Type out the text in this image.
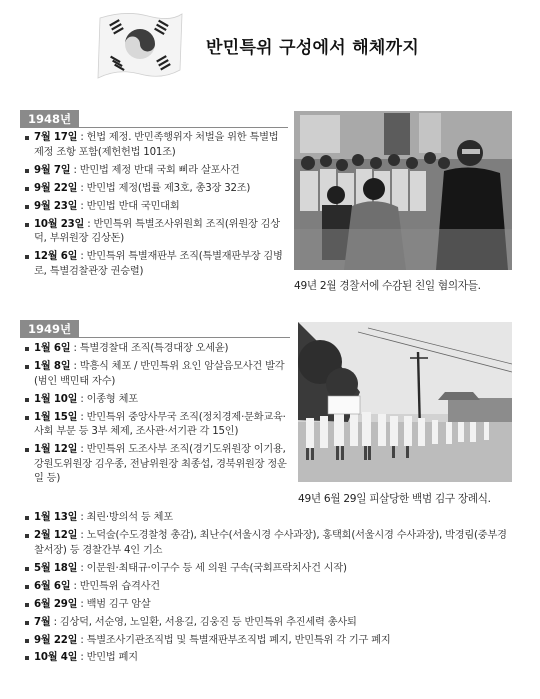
반민특위 구성에서 해체까지
1948년
7월 17일 : 헌법 제정. 반민족행위자 처벌을 위한 특별법 제정 조항 포함(제헌헌법 101조)
9월 7일 : 반민법 제정 반대 국회 삐라 살포사건
9월 22일 : 반민법 제정(법률 제3호, 총3장 32조)
9월 23일 : 반민법 반대 국민대회
10월 23일 : 반민특위 특별조사위원회 조직(위원장 김상덕, 부위원장 김상돈)
12월 6일 : 반민특위 특별재판부 조직(특별재판부장 김병로, 특별검찰관장 권승렬)
49년 2월 경찰서에 수감된 친일 혐의자들.
1949년
1월 6일 : 특별경찰대 조직(특경대장 오세윤)
1월 8일 : 박흥식 체포 / 반민특위 요인 암살음모사건 발각(범인 백민태 자수)
1월 10일 : 이종형 체포
1월 15일 : 반민특위 중앙사무국 조직(정치경제·문화교육·사회 부문 등 3부 체제, 조사관·서기관 각 15인)
1월 12일 : 반민특위 도조사부 조직(경기도위원장 이기용, 강원도위원장 김우종, 전남위원장 최종섭, 경북위원장 정운일 등)
1월 13일 : 최린·방의석 등 체포
2월 12일 : 노덕술(수도경찰청 총감), 최난수(서울시경 수사과장), 홍택희(서울시경 수사과장), 박경림(중부경찰서장) 등 경찰간부 4인 기소
5월 18일 : 이문원·최태규·이구수 등 세 의원 구속(국회프락치사건 시작)
6월 6일 : 반민특위 습격사건
6월 29일 : 백범 김구 암살
7월 : 김상덕, 서순영, 노일환, 서용길, 김웅진 등 반민특위 추진세력 총사퇴
9월 22일 : 특별조사기관조직법 및 특별재판부조직법 폐지, 반민특위 각 기구 폐지
10월 4일 : 반민법 폐지
49년 6월 29일 피살당한 백범 김구 장례식.
